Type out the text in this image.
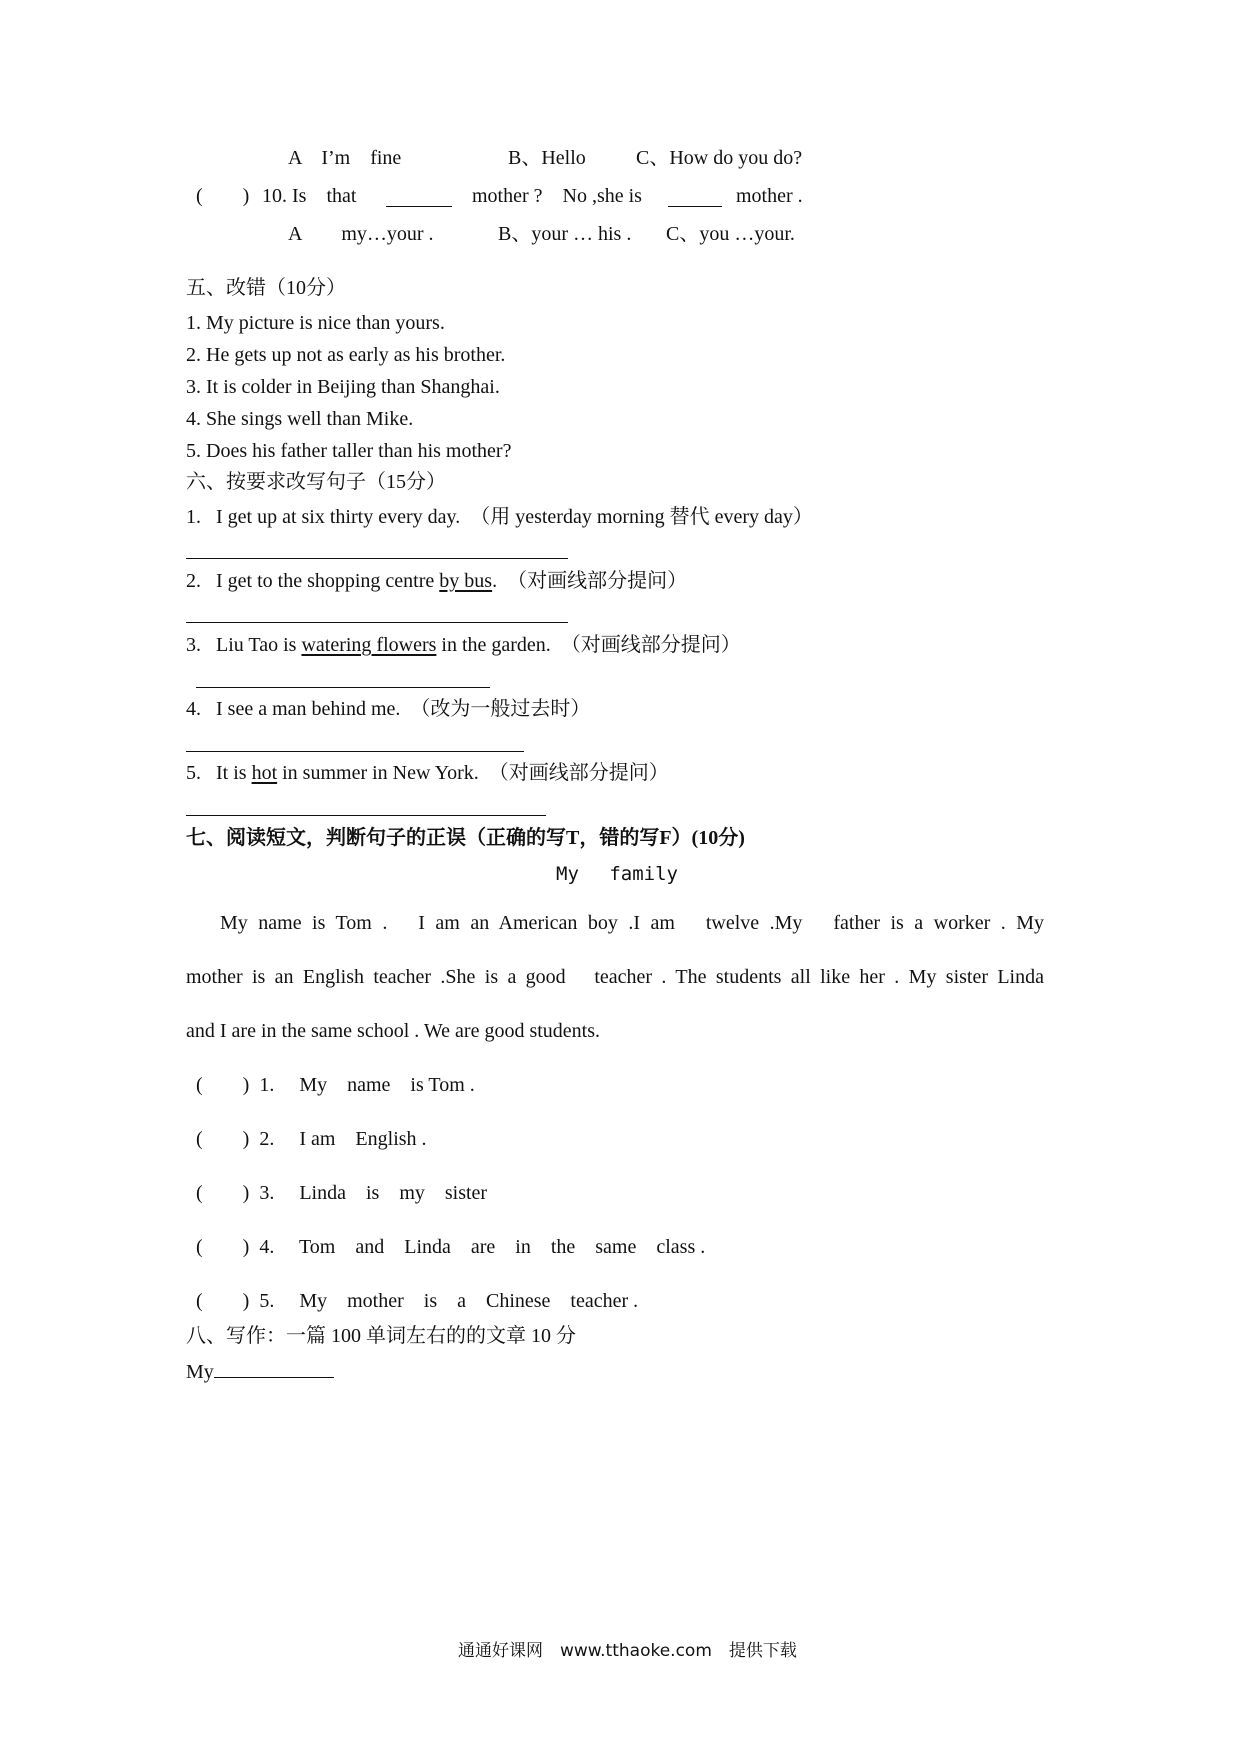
A　I’m　fine	B、Hello	C、How do you do?
(　　) 10. Is　that	mother ?　No ,she is	mother .
A　　my…your .	B、your … his . C、you …your.
五、改错（10分）
1. My picture is nice than yours.
2. He gets up not as early as his brother.
3. It is colder in Beijing than Shanghai.
4. She sings well than Mike.
5. Does his father taller than his mother?
六、按要求改写句子（15分）
1. I get up at six thirty every day. （用 yesterday morning 替代 every day）
2. I get to the shopping centre by bus. （对画线部分提问）
3. Liu Tao is watering flowers in the garden. （对画线部分提问）
4. I see a man behind me. （改为一般过去时）
5. It is hot in summer in New York. （对画线部分提问）
七、阅读短文，判断句子的正误（正确的写T，错的写F）(10分)
My　 family
My name is Tom .　I am an American boy .I am　twelve .My　father is a worker . My
mother is an English teacher .She is a good　teacher . The students all like her . My sister Linda
and I are in the same school . We are good students.
(　　) 1. My　name　is Tom .
(　　) 2. I am　English .
(　　) 3. Linda　is　my　sister
(　　) 4. Tom　and　Linda　are　in　the　same　class .
(　　) 5. My　mother　is　a　Chinese　teacher .
八、写作：一篇 100 单词左右的的文章 10 分
My
通通好课网　www.tthaoke.com　提供下载
